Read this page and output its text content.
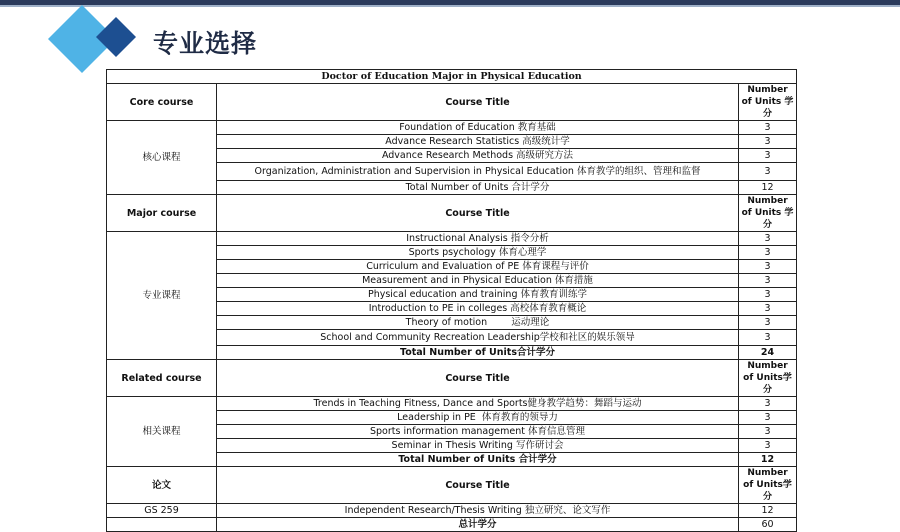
专业选择
Doctor of Education Major in Physical Education		
Core course	Course Title	Number of Units 学分
核心课程	Foundation of Education 教育基础	3
	Advance Research Statistics 高级统计学	3
	Advance Research Methods 高级研究方法	3
	Organization, Administration and Supervision in Physical Education 体育教学的组织、管理和监督	3
	Total Number of Units 合计学分	12
Major course	Course Title	Number of Units 学分
专业课程	Instructional Analysis 指令分析	3
	Sports psychology 体育心理学	3
	Curriculum and Evaluation of PE 体育课程与评价	3
	Measurement and in Physical Education 体育措施	3
	Physical education and training 体育教育训练学	3
	Introduction to PE in colleges 高校体育教育概论	3
	Theory of motion        运动理论	3
	School and Community Recreation Leadership学校和社区的娱乐领导	3
	Total Number of Units合计学分	24
Related course	Course Title	Number of Units学分
相关课程	Trends in Teaching Fitness, Dance and Sports健身教学趋势：舞蹈与运动	3
	Leadership in PE  体育教育的领导力	3
	Sports information management 体育信息管理	3
	Seminar in Thesis Writing 写作研讨会	3
	Total Number of Units 合计学分	12
论文	Course Title	Number of Units学分
GS 259	Independent Research/Thesis Writing 独立研究、论文写作	12
	总计学分	60
